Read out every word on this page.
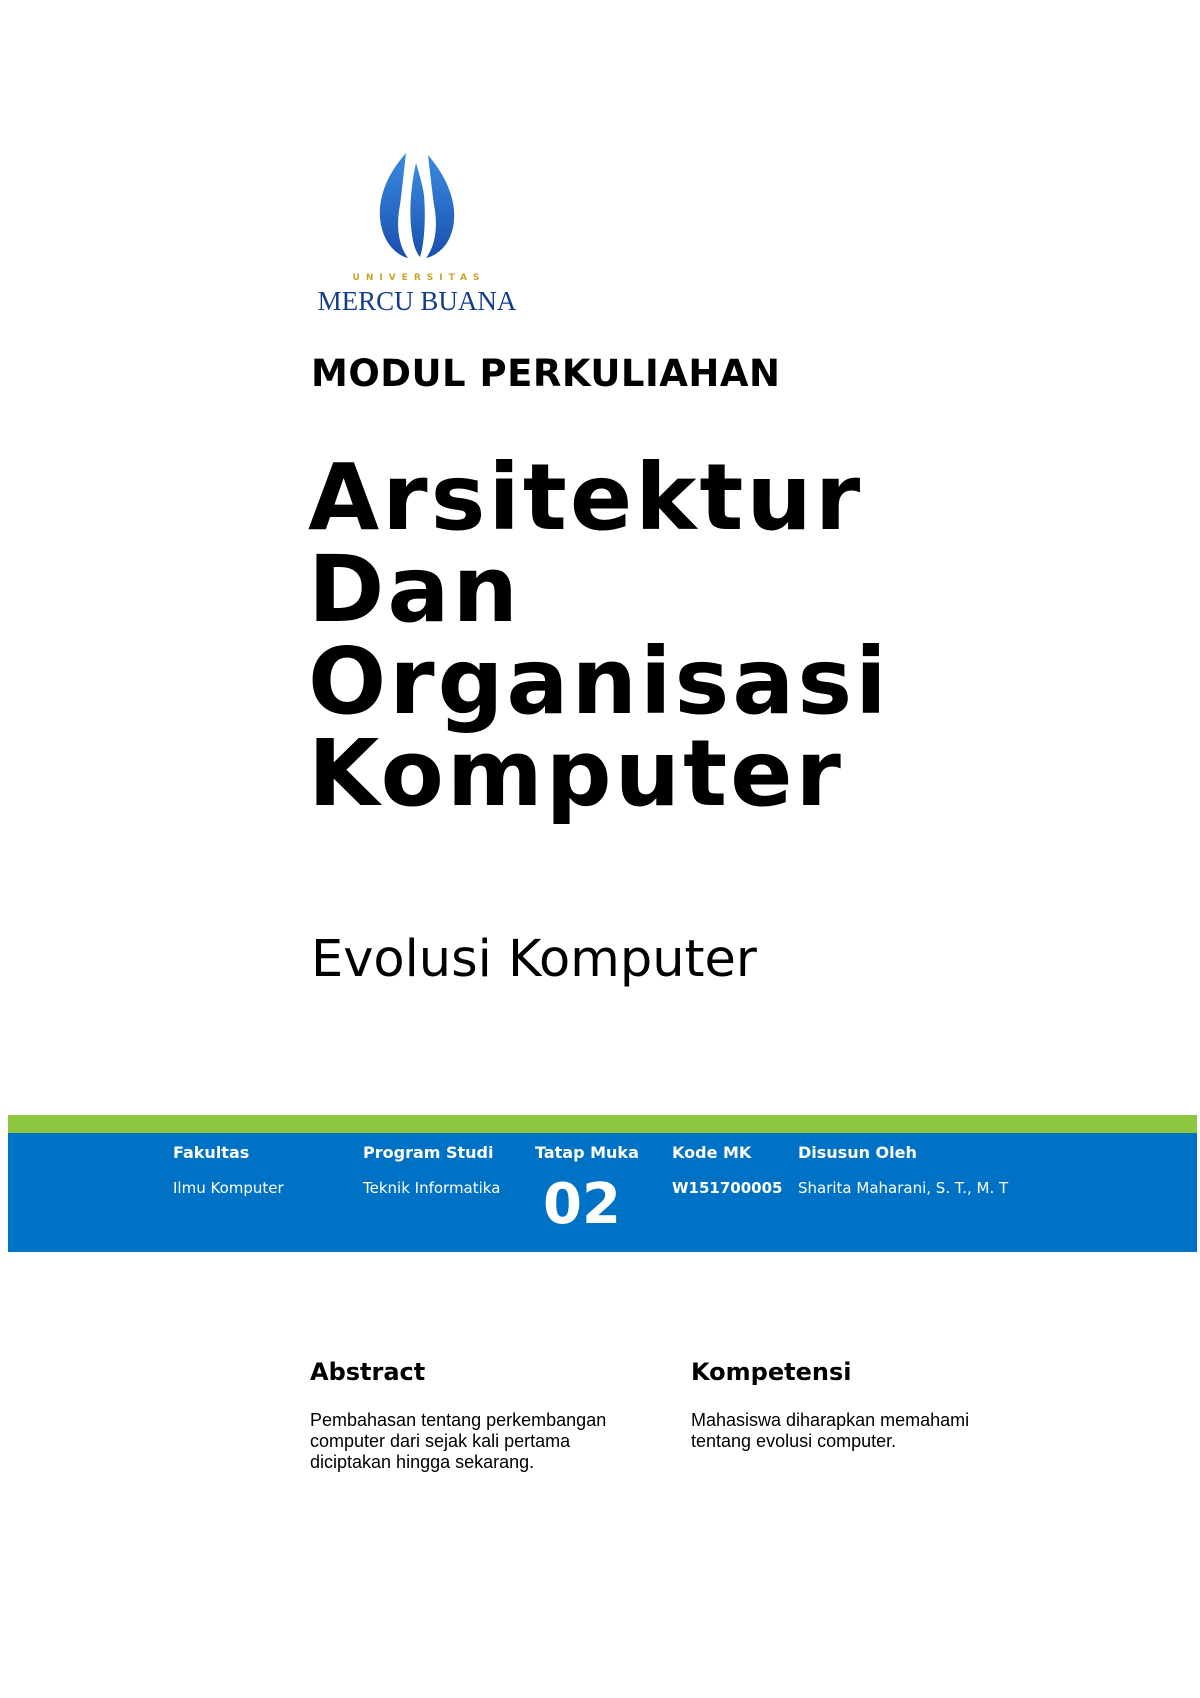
UNIVERSITAS
MERCU BUANA
MODUL PERKULIAHAN
Arsitektur
Dan
Organisasi
Komputer
Evolusi Komputer
Fakultas
Ilmu Komputer
Program Studi
Teknik Informatika
Tatap Muka
02
Kode MK
W151700005
Disusun Oleh
Sharita Maharani, S. T., M. T
Abstract
Pembahasan tentang perkembangan
computer dari sejak kali pertama
diciptakan hingga sekarang.
Kompetensi
Mahasiswa diharapkan memahami
tentang evolusi computer.
